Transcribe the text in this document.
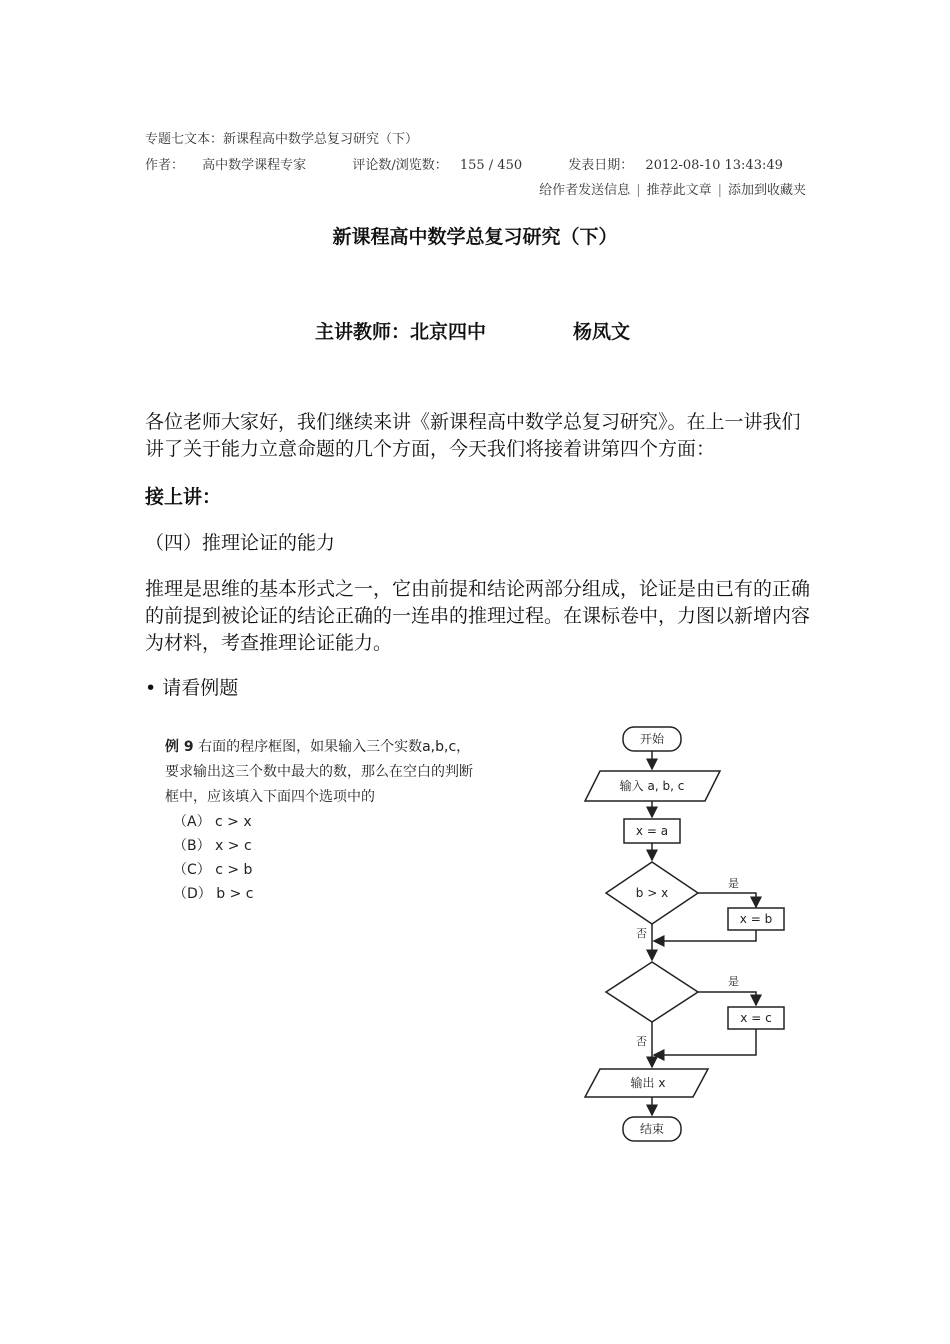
专题七文本：新课程高中数学总复习研究（下）
作者： 高中数学课程专家	评论数/浏览数： 155 / 450	发表日期： 2012-08-10 13:43:49
给作者发送信息 | 推荐此文章 | 添加到收藏夹
新课程高中数学总复习研究（下）
主讲教师：北京四中	杨凤文
各位老师大家好，我们继续来讲《新课程高中数学总复习研究》。在上一讲我们讲了关于能力立意命题的几个方面，今天我们将接着讲第四个方面：
接上讲：
（四）推理论证的能力
推理是思维的基本形式之一，它由前提和结论两部分组成，论证是由已有的正确的前提到被论证的结论正确的一连串的推理过程。在课标卷中，力图以新增内容为材料，考查推理论证能力。
• 请看例题
例 9 右面的程序框图，如果输入三个实数a,b,c，
要求输出这三个数中最大的数，那么在空白的判断
框中，应该填入下面四个选项中的
（A） c > x
（B） x > c
（C） c > b
（D） b > c
开始
输入 a, b, c
x = a
b > x
是
x = b
否
是
x = c
否
输出 x
结束
